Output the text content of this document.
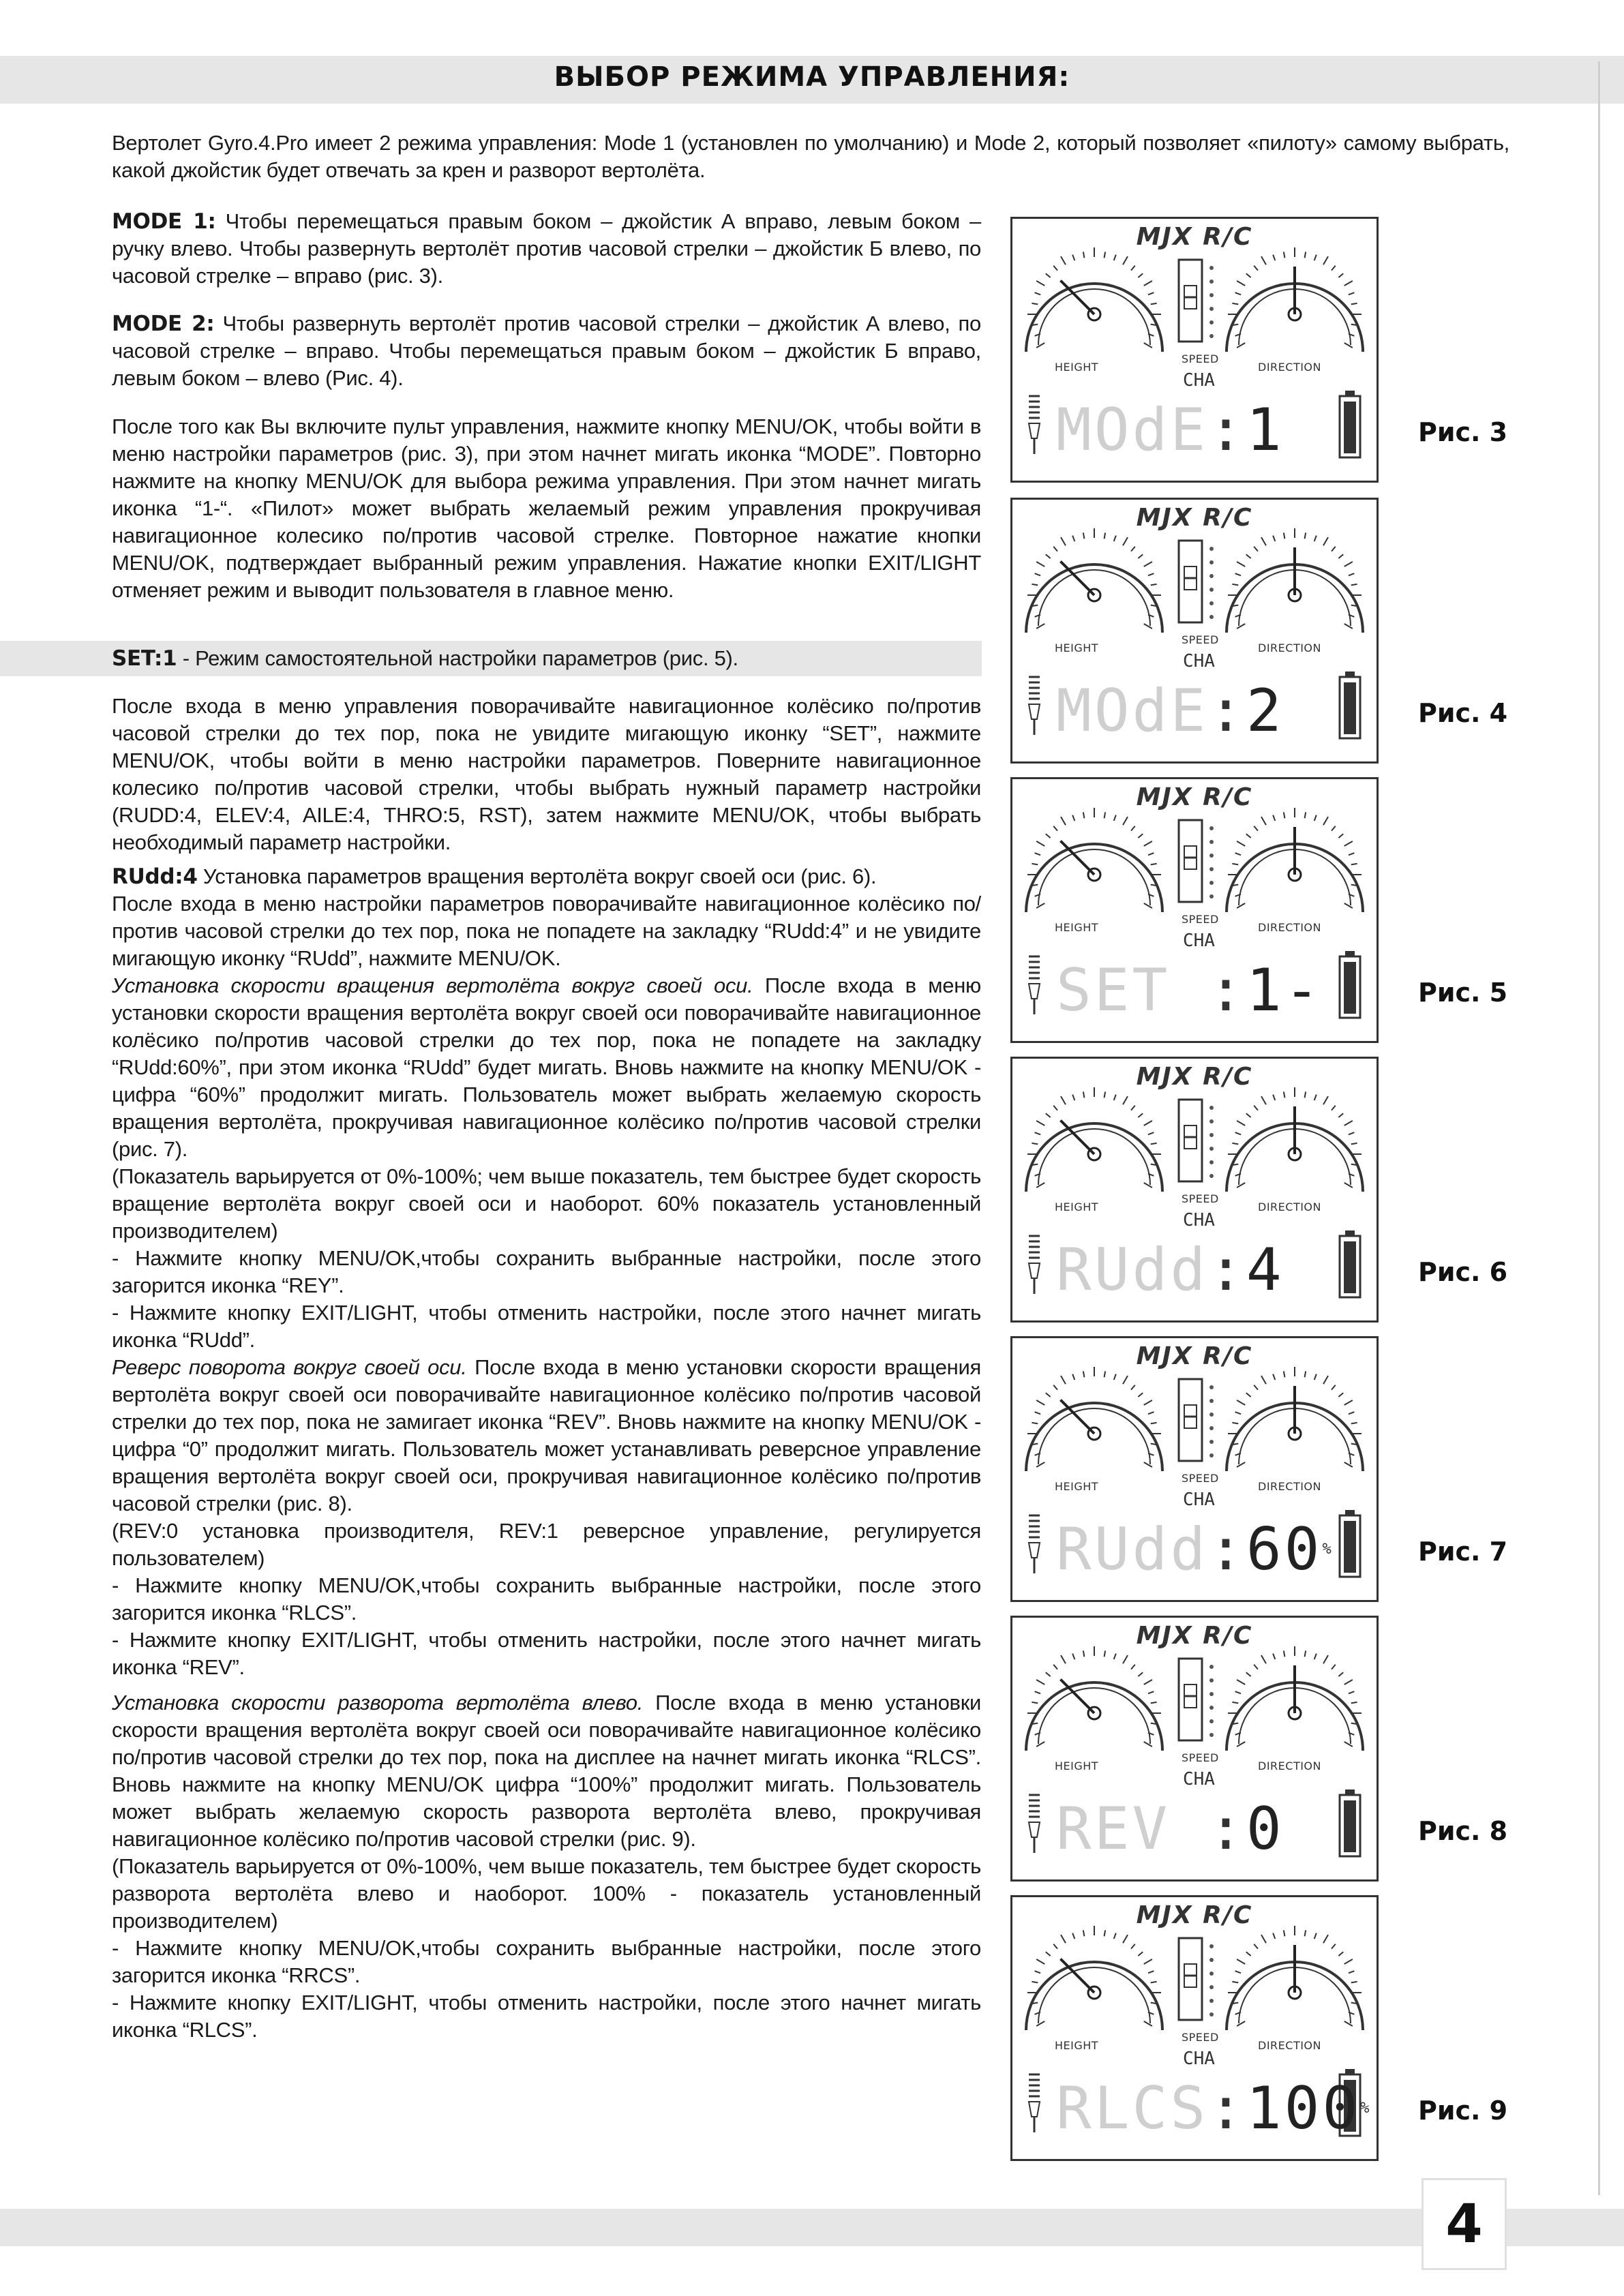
ВЫБОР РЕЖИМА УПРАВЛЕНИЯ:

Вертолет Gyro.4.Pro имеет 2 режима управления: Mode 1 (установлен по умолчанию) и Mode 2, который позволяет «пилоту» самому выбрать, какой джойстик будет отвечать за крен и разворот вертолёта.

MODE 1: Чтобы перемещаться правым боком – джойстик А вправо, левым боком – ручку влево. Чтобы развернуть вертолёт против часовой стрелки – джойстик Б влево, по часовой стрелке – вправо (рис. 3).

MODE 2: Чтобы развернуть вертолёт против часовой стрелки – джойстик А влево, по часовой стрелке – вправо. Чтобы перемещаться правым боком – джойстик Б вправо, левым боком – влево (Рис. 4).

После того как Вы включите пульт управления, нажмите кнопку MENU/OK, чтобы войти в меню настройки параметров (рис. 3), при этом начнет мигать иконка “MODE”. Повторно нажмите на кнопку MENU/OK для выбора режима управления. При этом начнет мигать иконка “1-“. «Пилот» может выбрать желаемый режим управления прокручивая навигационное колесико по/против часовой стрелке. Повторное нажатие кнопки MENU/OK, подтверждает выбранный режим управления. Нажатие кнопки EXIT/LIGHT отменяет режим и выводит пользователя в главное меню.

SET:1 - Режим самостоятельной настройки параметров (рис. 5).

После входа в меню управления поворачивайте навигационное колёсико по/против часовой стрелки до тех пор, пока не увидите мигающую иконку “SET”, нажмите MENU/OK, чтобы войти в меню настройки параметров. Поверните навигационное колесико по/против часовой стрелки, чтобы выбрать нужный параметр настройки (RUDD:4, ELEV:4, AILE:4, THRO:5, RST), затем нажмите MENU/OK, чтобы выбрать необходимый параметр настройки.

RUdd:4 Установка параметров вращения вертолёта вокруг своей оси (рис. 6).

После входа в меню настройки параметров поворачивайте навигационное колёсико по/против часовой стрелки до тех пор, пока не попадете на закладку “RUdd:4” и не увидите мигающую иконку “RUdd”, нажмите MENU/OK.

Установка скорости вращения вертолёта вокруг своей оси. После входа в меню установки скорости вращения вертолёта вокруг своей оси поворачивайте навигационное колёсико по/против часовой стрелки до тех пор, пока не попадете на закладку “RUdd:60%”, при этом иконка “RUdd” будет мигать. Вновь нажмите на кнопку MENU/OK - цифра “60%” продолжит мигать. Пользователь может выбрать желаемую скорость вращения вертолёта, прокручивая навигационное колёсико по/против часовой стрелки (рис. 7).

(Показатель варьируется от 0%-100%; чем выше показатель, тем быстрее будет скорость вращение вертолёта вокруг своей оси и наоборот. 60% показатель установленный производителем)

- Нажмите кнопку MENU/OK,чтобы сохранить выбранные настройки, после этого загорится иконка “REY”.

- Нажмите кнопку EXIT/LIGHT, чтобы отменить настройки, после этого начнет мигать иконка “RUdd”.

Реверс поворота вокруг своей оси. После входа в меню установки скорости вращения вертолёта вокруг своей оси поворачивайте навигационное колёсико по/против часовой стрелки до тех пор, пока не замигает иконка “REV”. Вновь нажмите на кнопку MENU/OK - цифра “0” продолжит мигать. Пользователь может устанавливать реверсное управление вращения вертолёта вокруг своей оси, прокручивая навигационное колёсико по/против часовой стрелки (рис. 8).

(REV:0 установка производителя, REV:1 реверсное управление, регулируется пользователем)

- Нажмите кнопку MENU/OK,чтобы сохранить выбранные настройки, после этого загорится иконка “RLCS”.

- Нажмите кнопку EXIT/LIGHT, чтобы отменить настройки, после этого начнет мигать иконка “REV”.

Установка скорости разворота вертолёта влево. После входа в меню установки скорости вращения вертолёта вокруг своей оси поворачивайте навигационное колёсико по/против часовой стрелки до тех пор, пока на дисплее на начнет мигать иконка “RLCS”. Вновь нажмите на кнопку MENU/OK цифра “100%” продолжит мигать. Пользователь может выбрать желаемую скорость разворота вертолёта влево, прокручивая навигационное колёсико по/против часовой стрелки (рис. 9).

(Показатель варьируется от 0%-100%, чем выше показатель, тем быстрее будет скорость разворота вертолёта влево и наоборот. 100% - показатель установленный производителем)

- Нажмите кнопку MENU/OK,чтобы сохранить выбранные настройки, после этого загорится иконка “RRCS”.

- Нажмите кнопку EXIT/LIGHT, чтобы отменить настройки, после этого начнет мигать иконка “RLCS”.

MJX R/C
HEIGHT
SPEED
DIRECTION
CHA
MOdE:1	Рис. 3
MJX R/C
HEIGHT
SPEED
DIRECTION
CHA
MOdE:2	Рис. 4
MJX R/C
HEIGHT
SPEED
DIRECTION
CHA
SET :1-	Рис. 5
MJX R/C
HEIGHT
SPEED
DIRECTION
CHA
RUdd:4	Рис. 6
MJX R/C
HEIGHT
SPEED
DIRECTION
CHA
RUdd:60%	Рис. 7
MJX R/C
HEIGHT
SPEED
DIRECTION
CHA
REV :0	Рис. 8
MJX R/C
HEIGHT
SPEED
DIRECTION
CHA
RLCS:100% Рис. 9
4
